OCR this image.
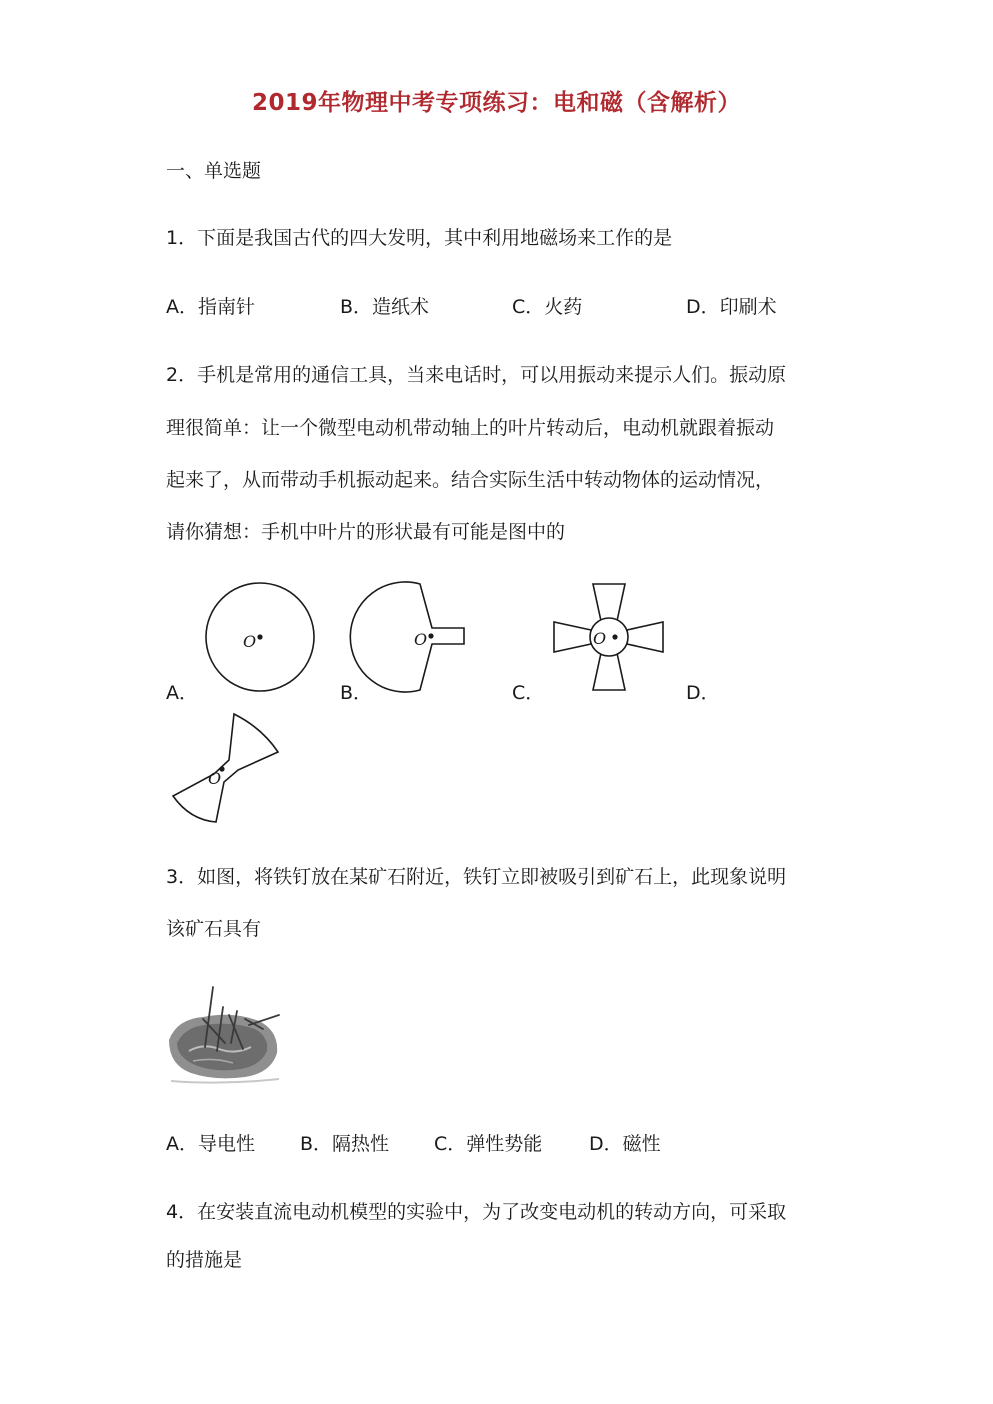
2019年物理中考专项练习：电和磁（含解析）
一、单选题
1．下面是我国古代的四大发明，其中利用地磁场来工作的是
A．指南针	B．造纸术	C．火药	D．印刷术
2．手机是常用的通信工具，当来电话时，可以用振动来提示人们。振动原
理很简单：让一个微型电动机带动轴上的叶片转动后，电动机就跟着振动
起来了，从而带动手机振动起来。结合实际生活中转动物体的运动情况，
请你猜想：手机中叶片的形状最有可能是图中的
A．	B．	C．	D．
O	O	O
O
3．如图，将铁钉放在某矿石附近，铁钉立即被吸引到矿石上，此现象说明
该矿石具有
A．导电性 B．隔热性 C．弹性势能 D．磁性
4．在安装直流电动机模型的实验中，为了改变电动机的转动方向，可采取
的措施是
